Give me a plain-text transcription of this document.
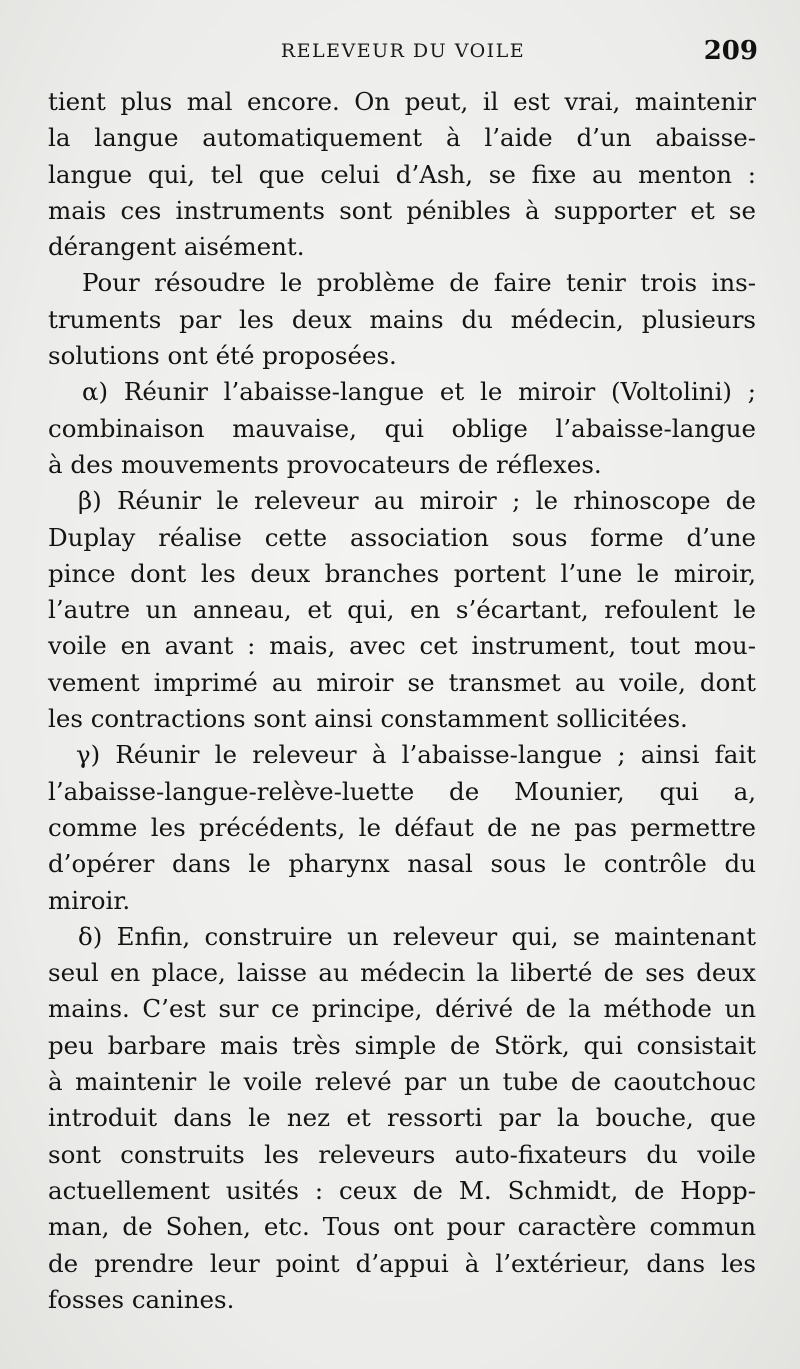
RELEVEUR DU VOILE	209
tient plus mal encore. On peut, il est vrai, maintenir
la langue automatiquement à l’aide d’un abaisse-
langue qui, tel que celui d’Ash, se fixe au menton :
mais ces instruments sont pénibles à supporter et se
dérangent aisément.
Pour résoudre le problème de faire tenir trois ins-
truments par les deux mains du médecin, plusieurs
solutions ont été proposées.
α) Réunir l’abaisse-langue et le miroir (Voltolini) ;
combinaison mauvaise, qui oblige l’abaisse-langue
à des mouvements provocateurs de réflexes.
β) Réunir le releveur au miroir ; le rhinoscope de
Duplay réalise cette association sous forme d’une
pince dont les deux branches portent l’une le miroir,
l’autre un anneau, et qui, en s’écartant, refoulent le
voile en avant : mais, avec cet instrument, tout mou-
vement imprimé au miroir se transmet au voile, dont
les contractions sont ainsi constamment sollicitées.
γ) Réunir le releveur à l’abaisse-langue ; ainsi fait
l’abaisse-langue-relève-luette de Mounier, qui a,
comme les précédents, le défaut de ne pas permettre
d’opérer dans le pharynx nasal sous le contrôle du
miroir.
δ) Enfin, construire un releveur qui, se maintenant
seul en place, laisse au médecin la liberté de ses deux
mains. C’est sur ce principe, dérivé de la méthode un
peu barbare mais très simple de Störk, qui consistait
à maintenir le voile relevé par un tube de caoutchouc
introduit dans le nez et ressorti par la bouche, que
sont construits les releveurs auto-fixateurs du voile
actuellement usités : ceux de M. Schmidt, de Hopp-
man, de Sohen, etc. Tous ont pour caractère commun
de prendre leur point d’appui à l’extérieur, dans les
fosses canines.
